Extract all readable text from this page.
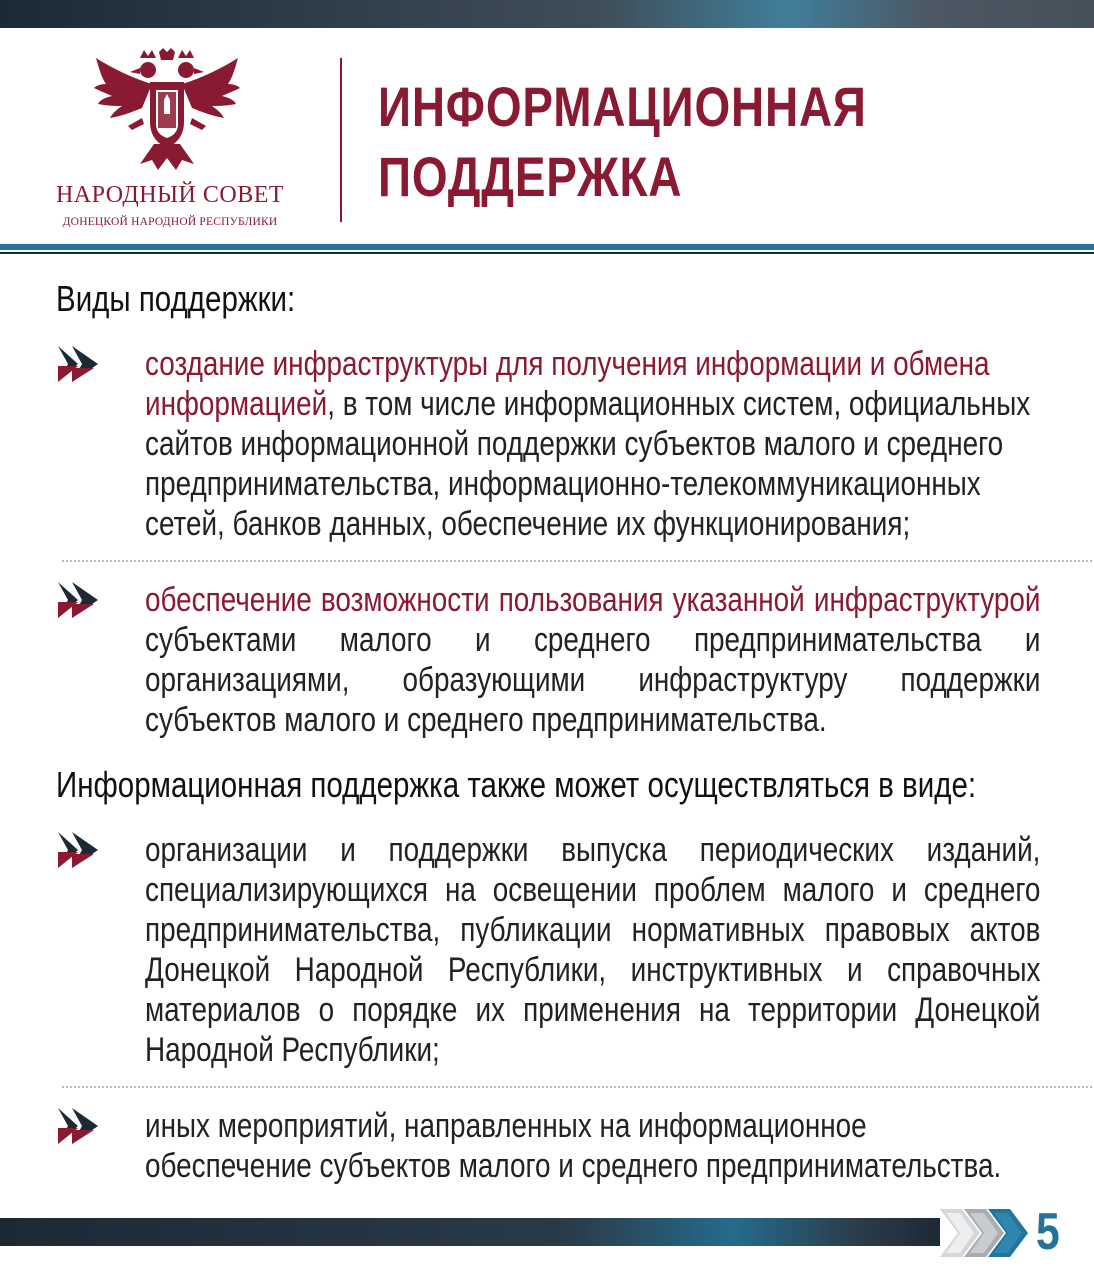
НАРОДНЫЙ СОВЕТ
ДОНЕЦКОЙ НАРОДНОЙ РЕСПУБЛИКИ
ИНФОРМАЦИОННАЯ
ПОДДЕРЖКА
Виды поддержки:

создание инфраструктуры для получения информации и обмена информацией, в том числе информационных систем, официальных сайтов информационной поддержки субъектов малого и среднего предпринимательства, информационно-телекоммуникационных сетей, банков данных, обеспечение их функционирования;

обеспечение возможности пользования указанной инфраструктурой субъектами малого и среднего предпринимательства и организациями, образующими инфраструктуру поддержки субъектов малого и среднего предпринимательства.

Информационная поддержка также может осуществляться в виде:

организации и поддержки выпуска периодических изданий, специализирующихся на освещении проблем малого и среднего предпринимательства, публикации нормативных правовых актов Донецкой Народной Республики, инструктивных и справочных материалов о порядке их применения на территории Донецкой Народной Республики;

иных мероприятий, направленных на информационное обеспечение субъектов малого и среднего предпринимательства.

5
